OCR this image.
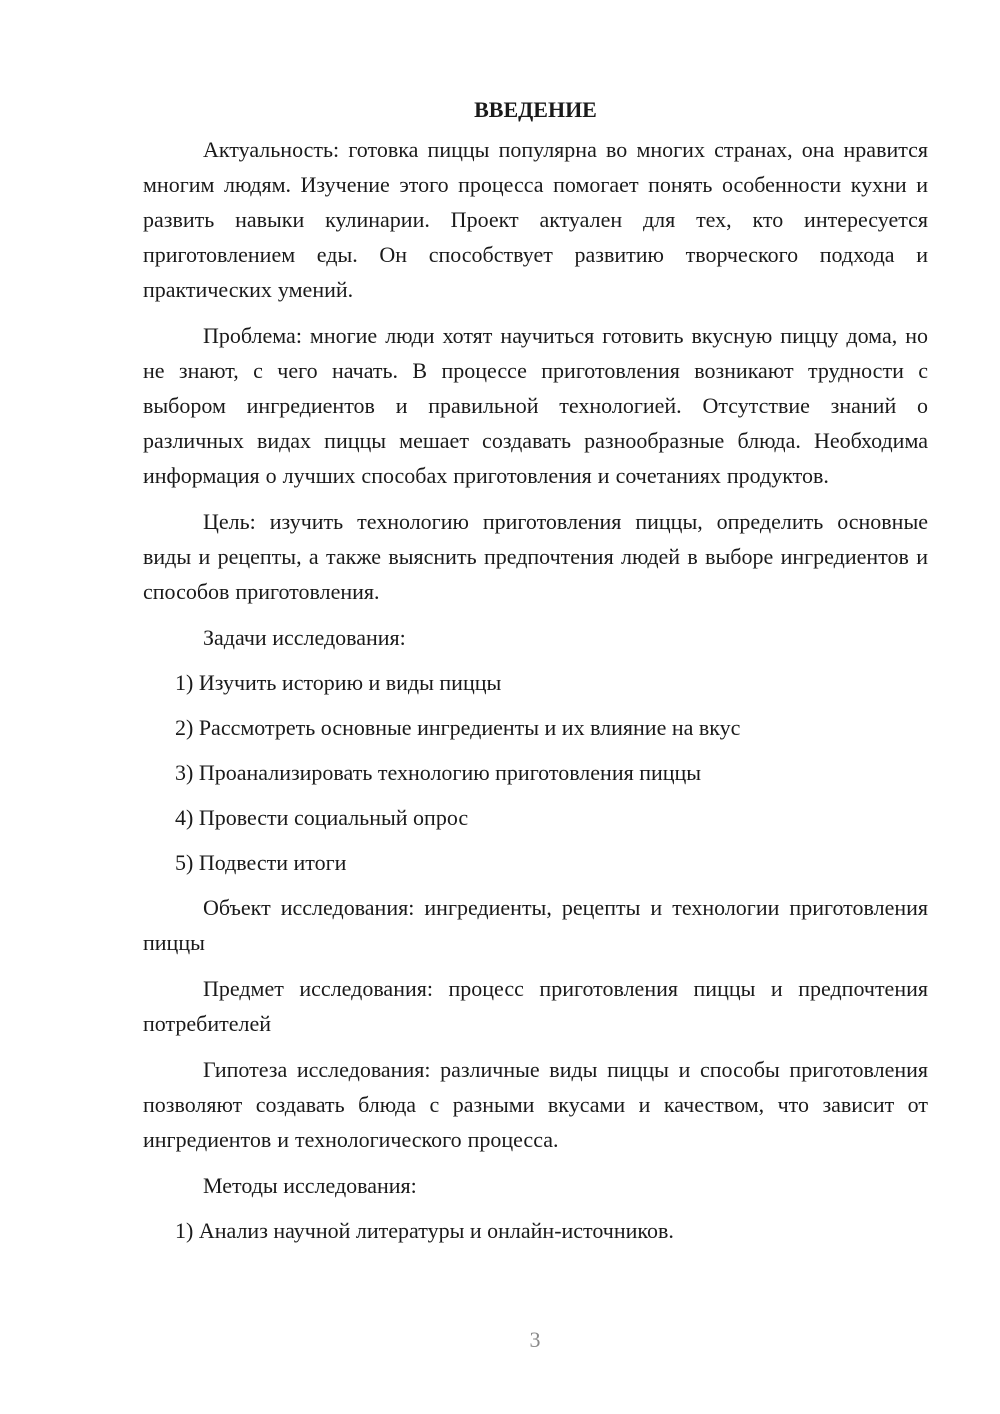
ВВЕДЕНИЕ

Актуальность: готовка пиццы популярна во многих странах, она нравится многим людям. Изучение этого процесса помогает понять особенности кухни и развить навыки кулинарии. Проект актуален для тех, кто интересуется приготовлением еды. Он способствует развитию творческого подхода и практических умений.

Проблема: многие люди хотят научиться готовить вкусную пиццу дома, но не знают, с чего начать. В процессе приготовления возникают трудности с выбором ингредиентов и правильной технологией. Отсутствие знаний о различных видах пиццы мешает создавать разнообразные блюда. Необходима информация о лучших способах приготовления и сочетаниях продуктов.

Цель: изучить технологию приготовления пиццы, определить основные виды и рецепты, а также выяснить предпочтения людей в выборе ингредиентов и способов приготовления.

Задачи исследования:

1) Изучить историю и виды пиццы
2) Рассмотреть основные ингредиенты и их влияние на вкус
3) Проанализировать технологию приготовления пиццы
4) Провести социальный опрос
5) Подвести итоги

Объект исследования: ингредиенты, рецепты и технологии приготовления пиццы

Предмет исследования: процесс приготовления пиццы и предпочтения потребителей

Гипотеза исследования: различные виды пиццы и способы приготовления позволяют создавать блюда с разными вкусами и качеством, что зависит от ингредиентов и технологического процесса.

Методы исследования:

1) Анализ научной литературы и онлайн-источников.
3
